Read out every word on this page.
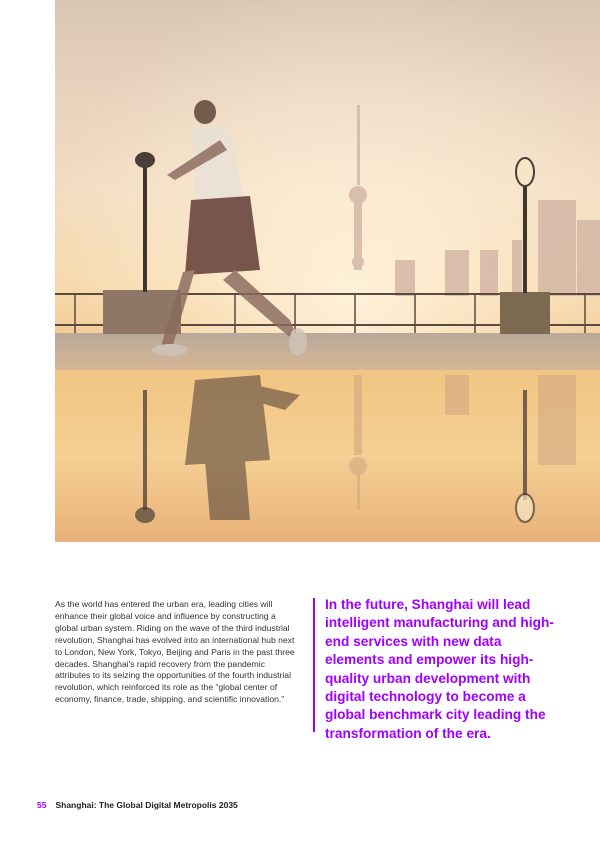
As the world has entered the urban era, leading cities will enhance their global voice and influence by constructing a global urban system. Riding on the wave of the third industrial revolution, Shanghai has evolved into an international hub next to London, New York, Tokyo, Beijing and Paris in the past three decades. Shanghai's rapid recovery from the pandemic attributes to its seizing the opportunities of the fourth industrial revolution, which reinforced its role as the “global center of economy, finance, trade, shipping, and scientific innovation.”

In the future, Shanghai will lead intelligent manufacturing and high-end services with new data elements and empower its high-quality urban development with digital technology to become a global benchmark city leading the transformation of the era.

55 Shanghai: The Global Digital Metropolis 2035
